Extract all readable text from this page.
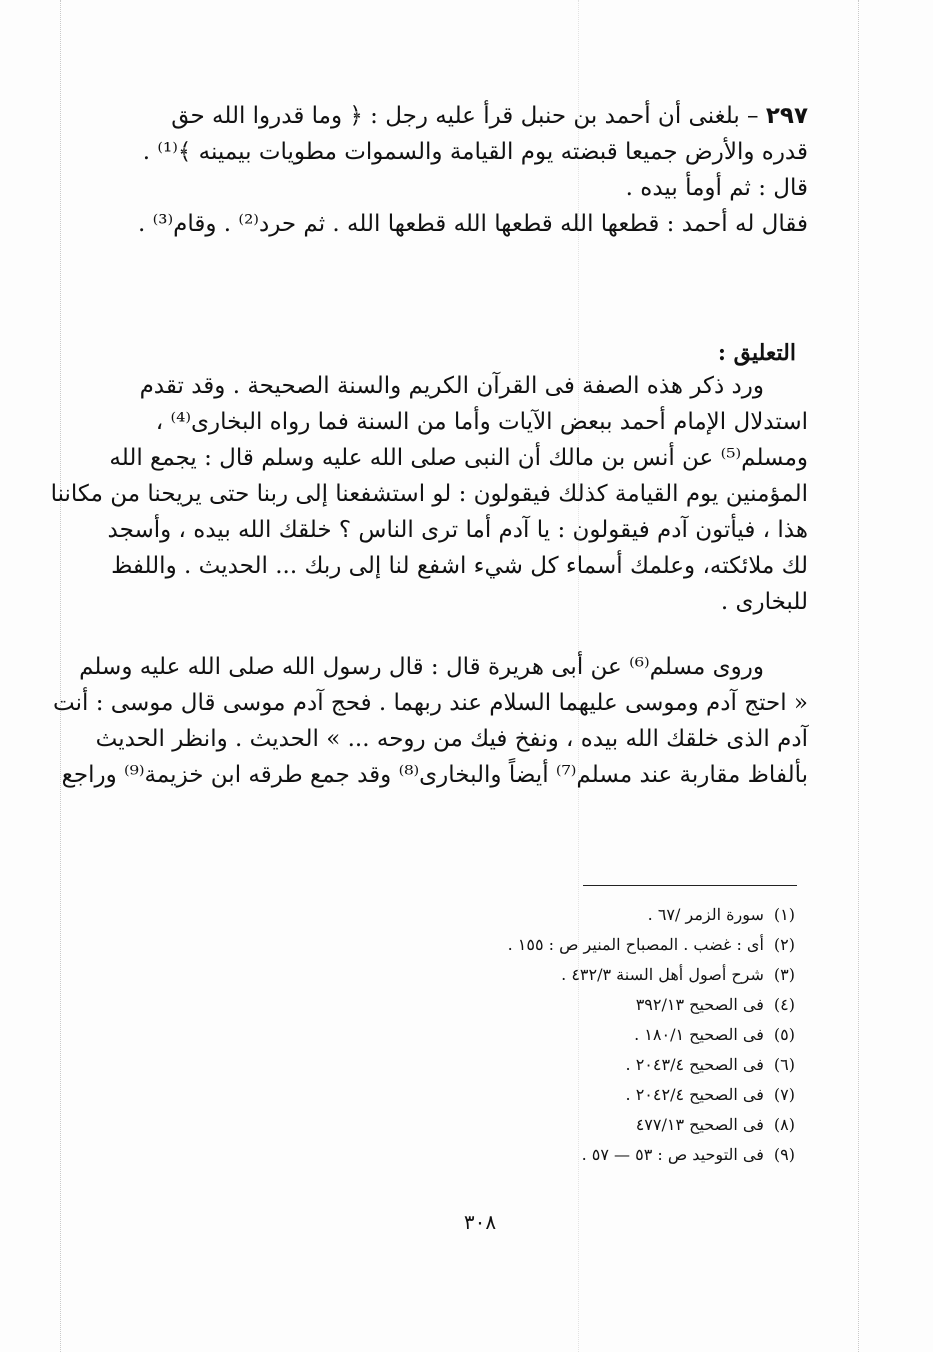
٢٩٧ – بلغنى أن أحمد بن حنبل قرأ عليه رجل : ﴿ وما قدروا الله حق
قدره والأرض جميعا قبضته يوم القيامة والسموات مطويات بيمينه ﴾⁽¹⁾ .
قال : ثم أومأ بيده .
فقال له أحمد : قطعها الله قطعها الله قطعها الله . ثم حرد⁽²⁾ . وقام⁽³⁾ .
التعليق :
ورد ذكر هذه الصفة فى القرآن الكريم والسنة الصحيحة . وقد تقدم
استدلال الإمام أحمد ببعض الآيات وأما من السنة فما رواه البخارى⁽⁴⁾ ،
ومسلم⁽⁵⁾ عن أنس بن مالك أن النبى صلى الله عليه وسلم قال : يجمع الله
المؤمنين يوم القيامة كذلك فيقولون : لو استشفعنا إلى ربنا حتى يريحنا من مكاننا
هذا ، فيأتون آدم فيقولون : يا آدم أما ترى الناس ؟ خلقك الله بيده ، وأسجد
لك ملائكته، وعلمك أسماء كل شيء اشفع لنا إلى ربك ... الحديث . واللفظ
للبخارى .
وروى مسلم⁽⁶⁾ عن أبى هريرة قال : قال رسول الله صلى الله عليه وسلم
« احتج آدم وموسى عليهما السلام عند ربهما . فحج آدم موسى قال موسى : أنت
آدم الذى خلقك الله بيده ، ونفخ فيك من روحه ... » الحديث . وانظر الحديث
بألفاظ مقاربة عند مسلم⁽⁷⁾ أيضاً والبخارى⁽⁸⁾ وقد جمع طرقه ابن خزيمة⁽⁹⁾ وراجع
(١)سورة الزمر /٦٧ .
(٢)أى : غضب . المصباح المنير ص : ١٥٥ .
(٣)شرح أصول أهل السنة ٤٣٢/٣ .
(٤)فى الصحيح ٣٩٢/١٣
(٥)فى الصحيح ١٨٠/١ .
(٦)فى الصحيح ٢٠٤٣/٤ .
(٧)فى الصحيح ٢٠٤٢/٤ .
(٨)فى الصحيح ٤٧٧/١٣
(٩)فى التوحيد ص : ٥٣ — ٥٧ .
٣٠٨
